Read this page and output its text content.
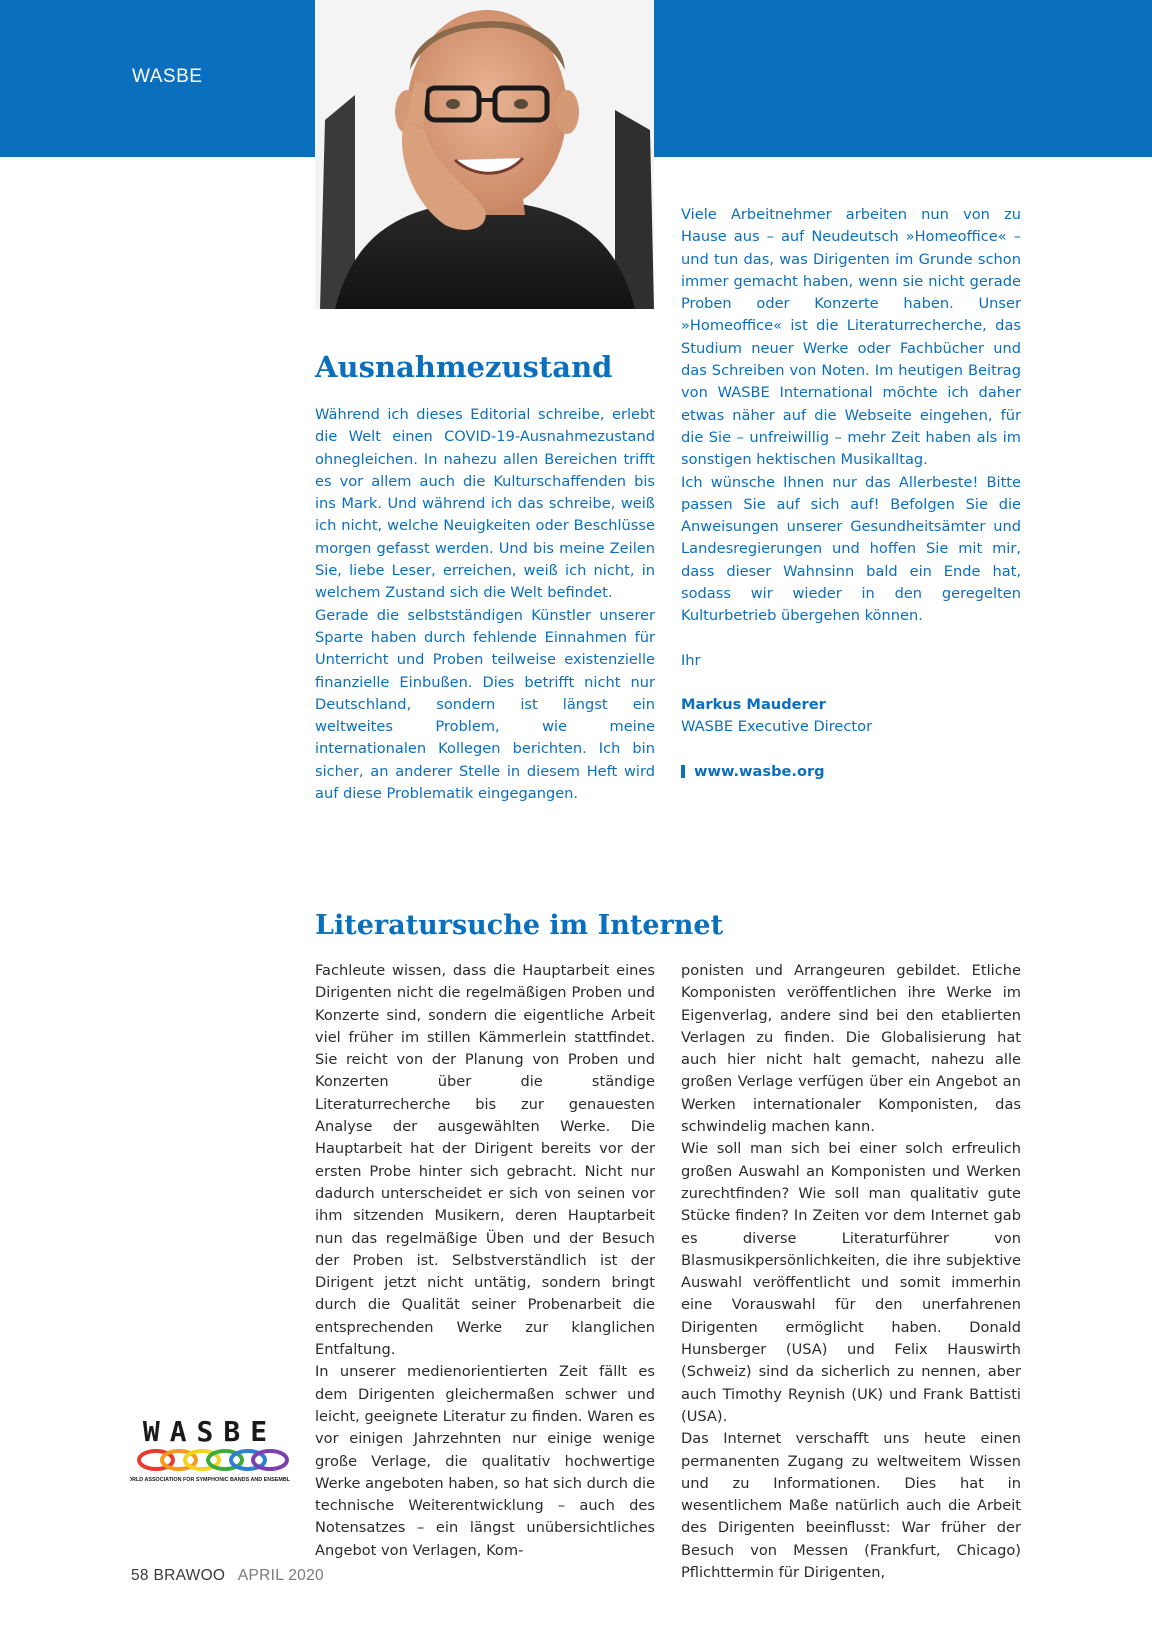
WASBE
Ausnahmezustand

Während ich dieses Editorial schreibe, erlebt die Welt einen COVID-19-Ausnahmezustand ohnegleichen. In nahezu allen Bereichen trifft es vor allem auch die Kulturschaffenden bis ins Mark. Und während ich das schreibe, weiß ich nicht, welche Neuigkeiten oder Beschlüsse morgen gefasst werden. Und bis meine Zeilen Sie, liebe Leser, erreichen, weiß ich nicht, in welchem Zustand sich die Welt befindet.

Gerade die selbstständigen Künstler unserer Sparte haben durch fehlende Einnahmen für Unterricht und Proben teilweise existenzielle finanzielle Einbußen. Dies betrifft nicht nur Deutschland, sondern ist längst ein weltweites Problem, wie meine internationalen Kollegen berichten. Ich bin sicher, an anderer Stelle in diesem Heft wird auf diese Problematik eingegangen.

Viele Arbeitnehmer arbeiten nun von zu Hause aus – auf Neudeutsch »Homeoffice« – und tun das, was Dirigenten im Grunde schon immer gemacht haben, wenn sie nicht gerade Proben oder Konzerte haben. Unser »Homeoffice« ist die Literaturrecherche, das Studium neuer Werke oder Fachbücher und das Schreiben von Noten. Im heutigen Beitrag von WASBE International möchte ich daher etwas näher auf die Webseite eingehen, für die Sie – unfreiwillig – mehr Zeit haben als im sonstigen hektischen Musikalltag.

Ich wünsche Ihnen nur das Allerbeste! Bitte passen Sie auf sich auf! Befolgen Sie die Anweisungen unserer Gesundheitsämter und Landesregierungen und hoffen Sie mit mir, dass dieser Wahnsinn bald ein Ende hat, sodass wir wieder in den geregelten Kulturbetrieb übergehen können.

Ihr

Markus Mauderer

WASBE Executive Director

www.wasbe.org

Literatursuche im Internet

Fachleute wissen, dass die Hauptarbeit eines Dirigenten nicht die regelmäßigen Proben und Konzerte sind, sondern die eigentliche Arbeit viel früher im stillen Kämmerlein stattfindet. Sie reicht von der Planung von Proben und Konzerten über die ständige Literaturrecherche bis zur genauesten Analyse der ausgewählten Werke. Die Hauptarbeit hat der Dirigent bereits vor der ersten Probe hinter sich gebracht. Nicht nur dadurch unterscheidet er sich von seinen vor ihm sitzenden Musikern, deren Hauptarbeit nun das regelmäßige Üben und der Besuch der Proben ist. Selbstverständlich ist der Dirigent jetzt nicht untätig, sondern bringt durch die Qualität seiner Probenarbeit die entsprechenden Werke zur klanglichen Entfaltung.

In unserer medienorientierten Zeit fällt es dem Dirigenten gleichermaßen schwer und leicht, geeignete Literatur zu finden. Waren es vor einigen Jahrzehnten nur einige wenige große Verlage, die qualitativ hochwertige Werke angeboten haben, so hat sich durch die technische Weiterentwicklung – auch des Notensatzes – ein längst unübersichtliches Angebot von Verlagen, Kom-

ponisten und Arrangeuren gebildet. Etliche Komponisten veröffentlichen ihre Werke im Eigenverlag, andere sind bei den etablierten Verlagen zu finden. Die Globalisierung hat auch hier nicht halt gemacht, nahezu alle großen Verlage verfügen über ein Angebot an Werken internationaler Komponisten, das schwindelig machen kann.

Wie soll man sich bei einer solch erfreulich großen Auswahl an Komponisten und Werken zurechtfinden? Wie soll man qualitativ gute Stücke finden? In Zeiten vor dem Internet gab es diverse Literaturführer von Blasmusikpersönlichkeiten, die ihre subjektive Auswahl veröffentlicht und somit immerhin eine Vorauswahl für den unerfahrenen Dirigenten ermöglicht haben. Donald Hunsberger (USA) und Felix Hauswirth (Schweiz) sind da sicherlich zu nennen, aber auch Timothy Reynish (UK) und Frank Battisti (USA).

Das Internet verschafft uns heute einen permanenten Zugang zu weltweitem Wissen und zu Informationen. Dies hat in wesentlichem Maße natürlich auch die Arbeit des Dirigenten beeinflusst: War früher der Besuch von Messen (Frankfurt, Chicago) Pflichttermin für Dirigenten,

WASBE
WORLD ASSOCIATION FOR SYMPHONIC BANDS AND ENSEMBLES
58 BRAWOO APRIL 2020
